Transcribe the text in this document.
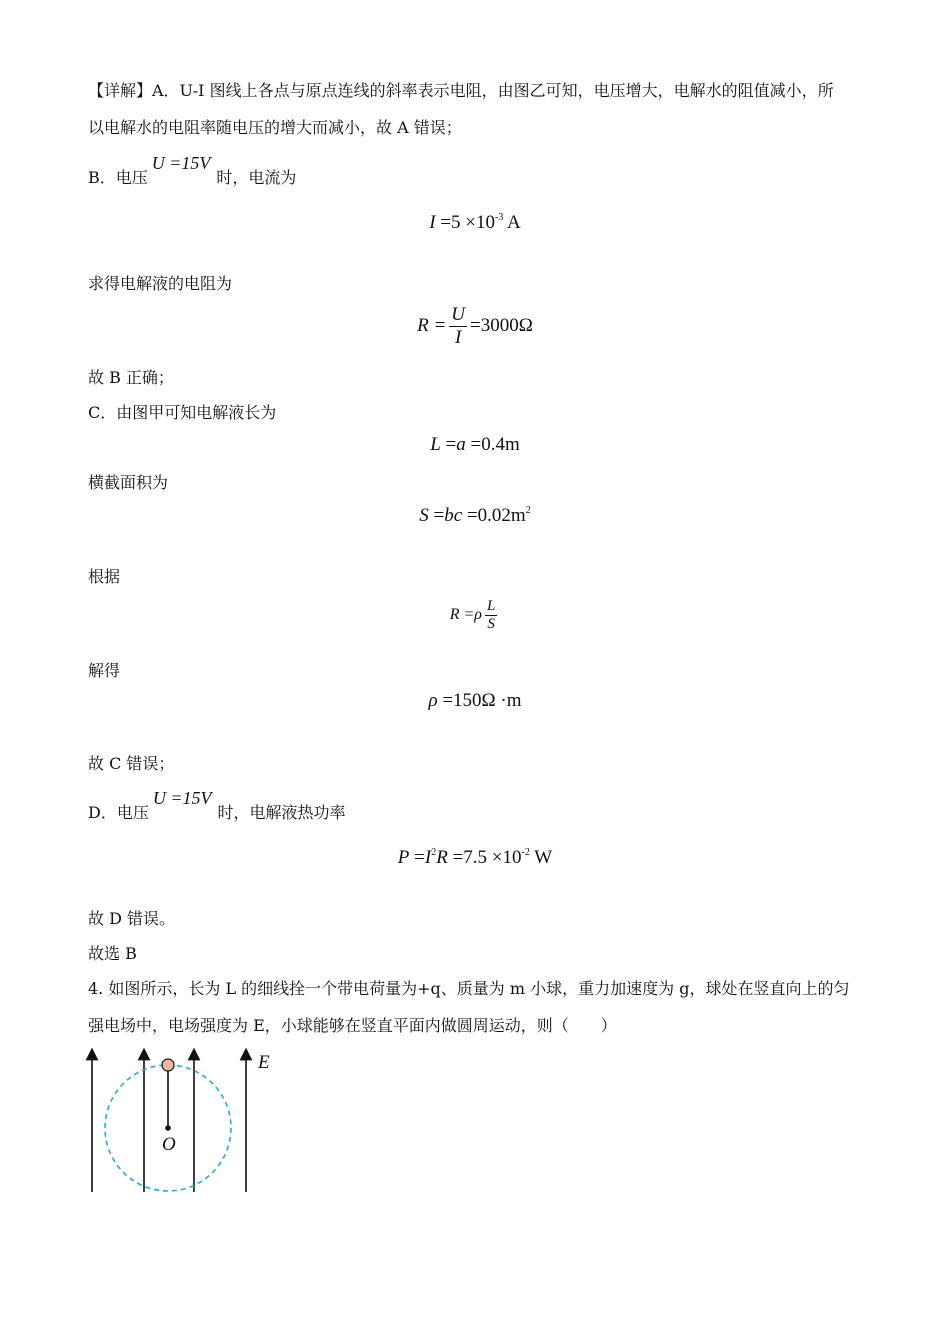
【详解】A．U-I 图线上各点与原点连线的斜率表示电阻，由图乙可知，电压增大，电解水的阻值减小，所
以电解水的电阻率随电压的增大而减小，故 A 错误；
B．电压U =15V时，电流为
$I =5 \times 10^{-3}$ A
求得电解液的电阻为
$R = \frac{U}{I} =3000\Omega$
故 B 正确；
C．由图甲可知电解液长为
L =a =0.4m
横截面积为
$S =bc =0.02m^2$
根据
$R =\rho \frac{L}{S}$
解得
ρ =150Ω ·m
故 C 错误；
D．电压U =15V时，电解液热功率
$P =I^2R =7.5 \times 10^{-2}$ W
故 D 错误。
故选 B
4. 如图所示，长为 L 的细线拴一个带电荷量为+q、质量为 m 小球，重力加速度为 g，球处在竖直向上的匀
强电场中，电场强度为 E，小球能够在竖直平面内做圆周运动，则（　　）
E
O
